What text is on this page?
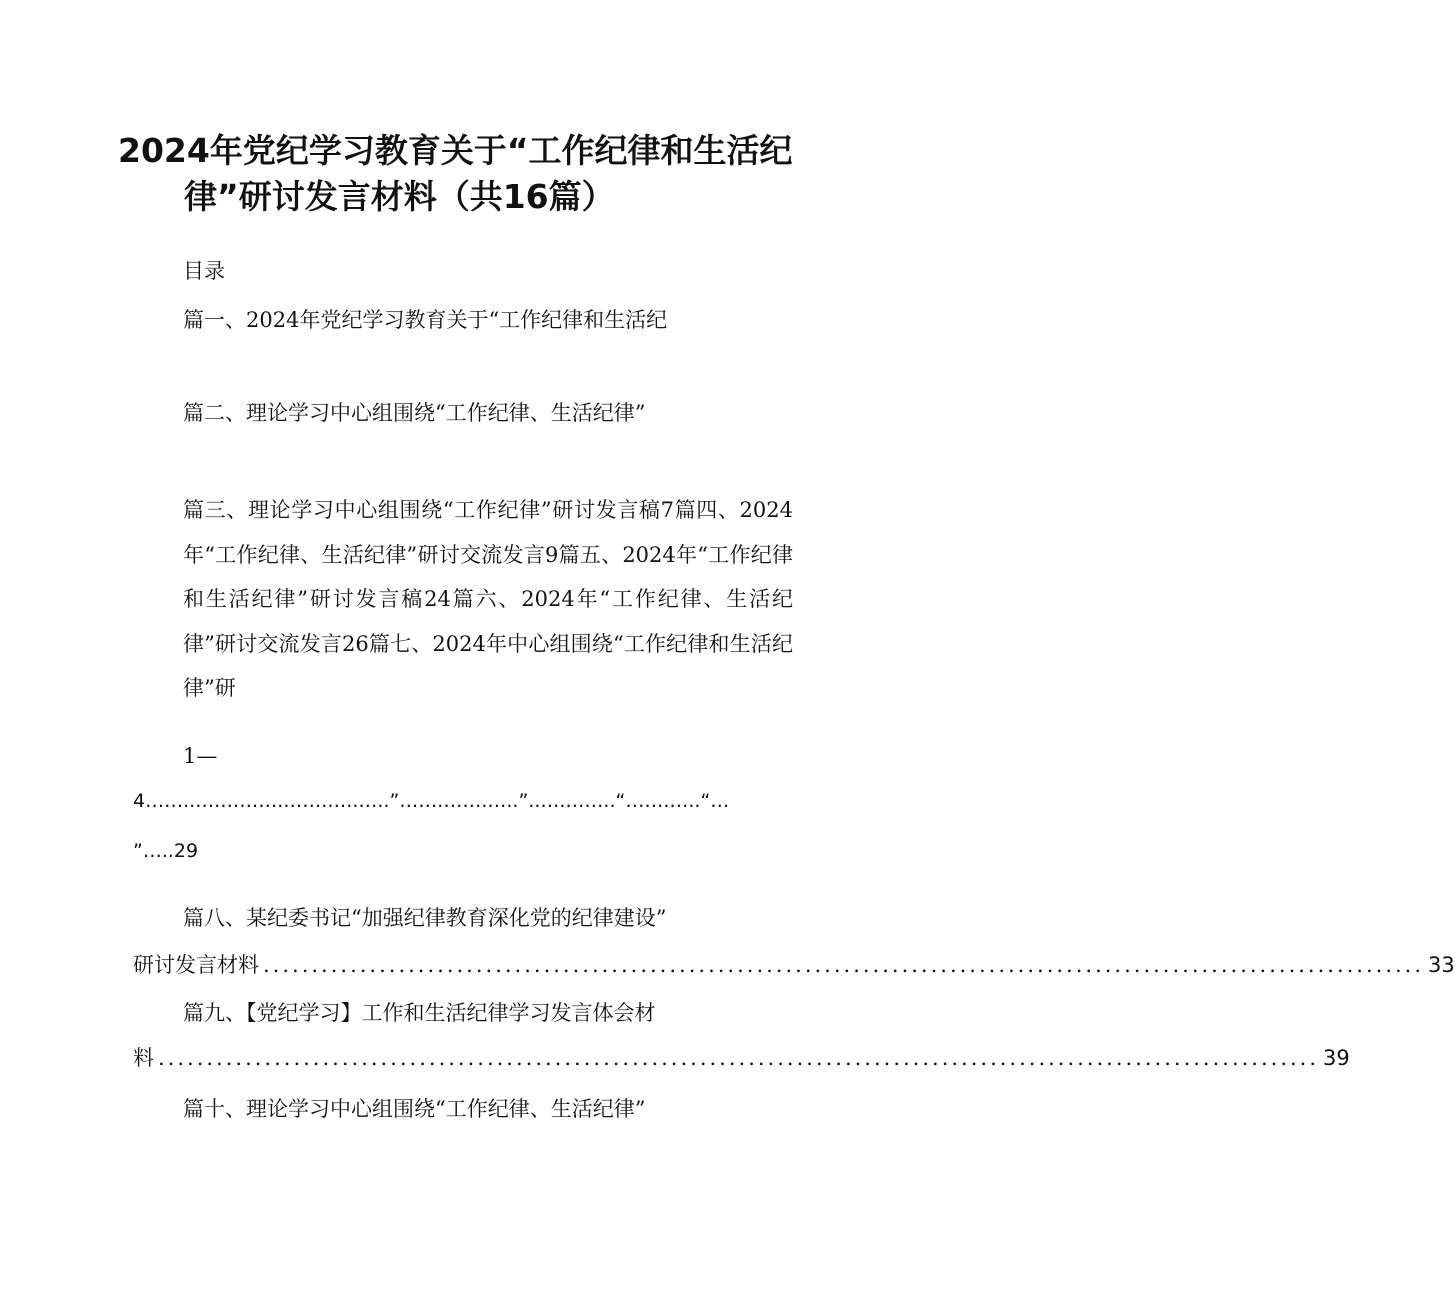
2024年党纪学习教育关于“工作纪律和生活纪
律”研讨发言材料（共16篇）
目录
篇一、2024年党纪学习教育关于“工作纪律和生活纪
篇二、理论学习中心组围绕“工作纪律、生活纪律”

篇三、理论学习中心组围绕“工作纪律”研讨发言稿7篇四、2024年“工作纪律、生活纪律”研讨交流发言9篇五、2024年“工作纪律和生活纪律”研讨发言稿24篇六、2024年“工作纪律、生活纪律”研讨交流发言26篇七、2024年中心组围绕“工作纪律和生活纪律”研

1—
4……..….……….…….…..…..”…….…….…..”..….……..“…….…..“…
”…..29
篇八、某纪委书记“加强纪律教育深化党的纪律建设”
研讨发言材料 ........................................................................................................................ 33
篇九、【党纪学习】工作和生活纪律学习发言体会材
料 ........................................................................................................................ 39
篇十、理论学习中心组围绕“工作纪律、生活纪律”
